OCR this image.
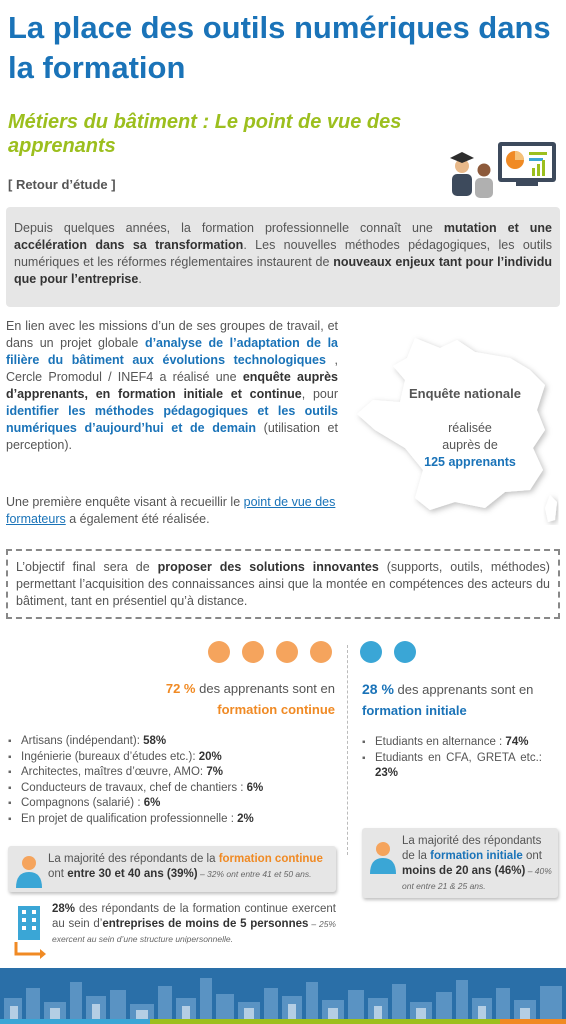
La place des outils numériques dans la formation
Métiers du bâtiment : Le point de vue des apprenants
[ Retour d’étude ]
Depuis quelques années, la formation professionnelle connaît une mutation et une accélération dans sa transformation. Les nouvelles méthodes pédagogiques, les outils numériques et les réformes réglementaires instaurent de nouveaux enjeux tant pour l’individu que pour l’entreprise.
En lien avec les missions d’un de ses groupes de travail, et dans un projet globale d’analyse de l’adaptation de la filière du bâtiment aux évolutions technologiques , Cercle Promodul / INEF4 a réalisé une enquête auprès d’apprenants, en formation initiale et continue, pour identifier les méthodes pédagogiques et les outils numériques d’aujourd’hui et de demain (utilisation et perception).
Une première enquête visant à recueillir le point de vue des formateurs a également été réalisée.
Enquête nationale
réalisée
auprès de
125 apprenants
L’objectif final sera de proposer des solutions innovantes (supports, outils, méthodes) permettant l’acquisition des connaissances ainsi que la montée en compétences des acteurs du bâtiment, tant en présentiel qu’à distance.
72 % des apprenants sont en
formation continue
28 % des apprenants sont en
formation initiale
▪ Artisans (indépendant): 58%
▪ Ingénierie (bureaux d’études etc.): 20%
▪ Architectes, maîtres d’œuvre, AMO: 7%
▪ Conducteurs de travaux, chef de chantiers : 6%
▪ Compagnons (salarié) : 6%
▪ En projet de qualification professionnelle : 2%
▪ Etudiants en alternance : 74%
▪ Etudiants en CFA, GRETA etc.: 23%
La majorité des répondants de la formation continue ont entre 30 et 40 ans (39%) – 32% ont entre 41 et 50 ans.
La majorité des répondants de la formation initiale ont moins de 20 ans (46%) – 40% ont entre 21 & 25 ans.
28% des répondants de la formation continue exercent au sein d’entreprises de moins de 5 personnes – 25% exercent au sein d’une structure unipersonnelle.
